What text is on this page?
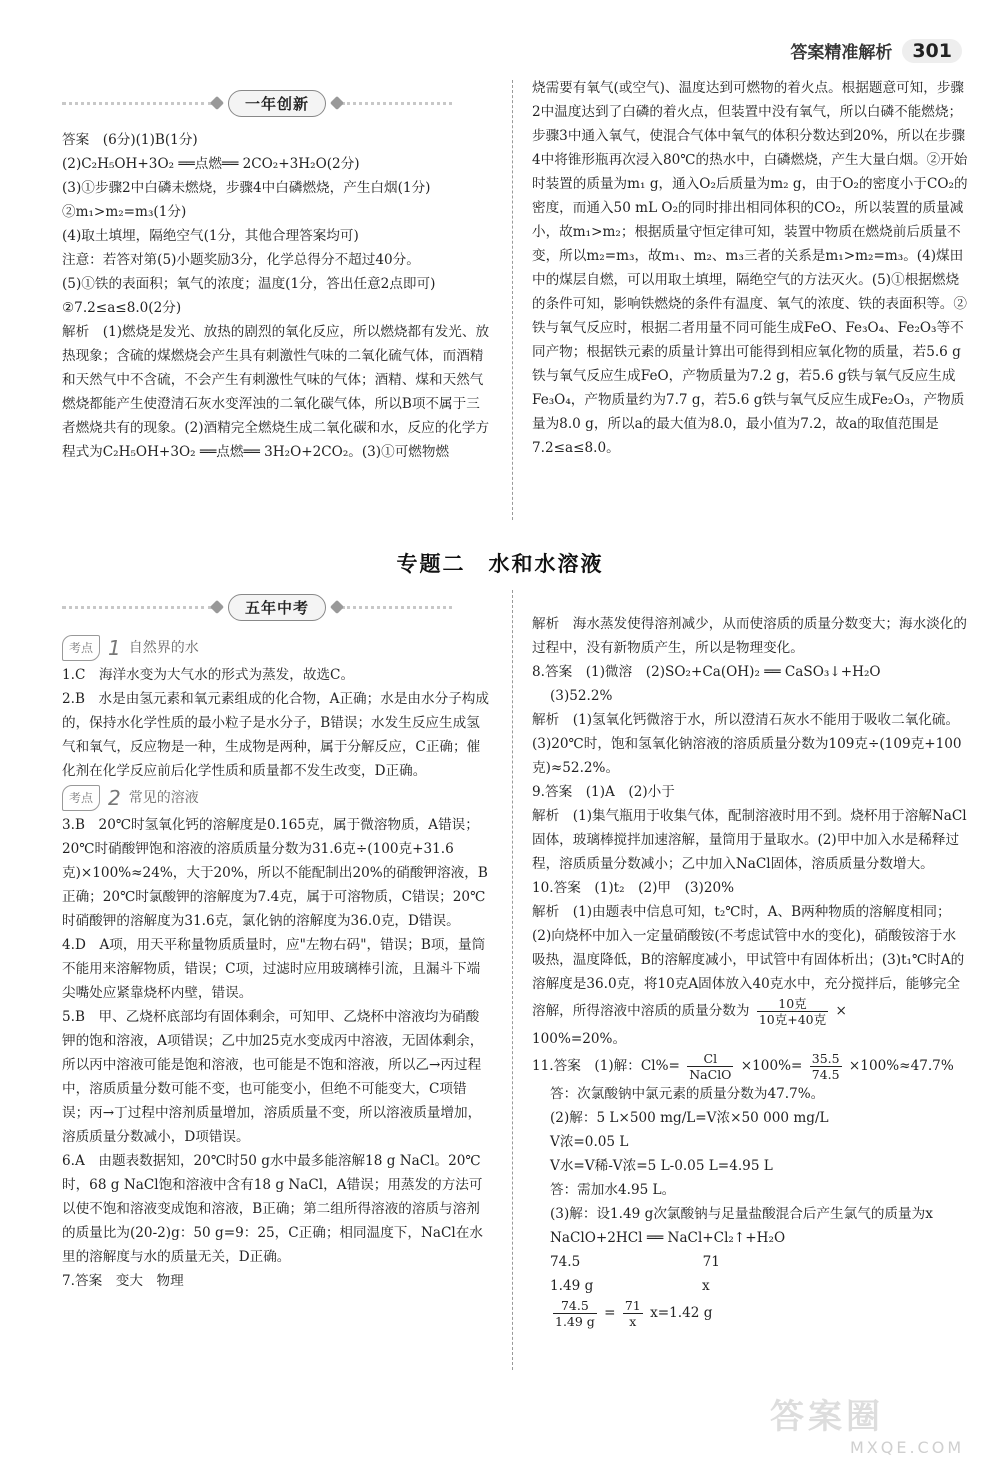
答案精准解析	301
一年创新

答案　(6分)(1)B(1分)

(2)C₂H₅OH+3O₂ ══点燃══ 2CO₂+3H₂O(2分)

(3)①步骤2中白磷未燃烧，步骤4中白磷燃烧，产生白烟(1分)　②m₁>m₂=m₃(1分)

(4)取土填埋，隔绝空气(1分，其他合理答案均可)

注意：若答对第(5)小题奖励3分，化学总得分不超过40分。

(5)①铁的表面积；氧气的浓度；温度(1分，答出任意2点即可)

②7.2≤a≤8.0(2分)

解析　(1)燃烧是发光、放热的剧烈的氧化反应，所以燃烧都有发光、放热现象；含硫的煤燃烧会产生具有刺激性气味的二氧化硫气体，而酒精和天然气中不含硫，不会产生有刺激性气味的气体；酒精、煤和天然气燃烧都能产生使澄清石灰水变浑浊的二氧化碳气体，所以B项不属于三者燃烧共有的现象。(2)酒精完全燃烧生成二氧化碳和水，反应的化学方程式为C₂H₅OH+3O₂ ══点燃══ 3H₂O+2CO₂。(3)①可燃物燃

烧需要有氧气(或空气)、温度达到可燃物的着火点。根据题意可知，步骤2中温度达到了白磷的着火点，但装置中没有氧气，所以白磷不能燃烧；步骤3中通入氧气，使混合气体中氧气的体积分数达到20%，所以在步骤4中将锥形瓶再次浸入80℃的热水中，白磷燃烧，产生大量白烟。②开始时装置的质量为m₁ g，通入O₂后质量为m₂ g，由于O₂的密度小于CO₂的密度，而通入50 mL O₂的同时排出相同体积的CO₂，所以装置的质量减小，故m₁>m₂；根据质量守恒定律可知，装置中物质在燃烧前后质量不变，所以m₂=m₃，故m₁、m₂、m₃三者的关系是m₁>m₂=m₃。(4)煤田中的煤层自燃，可以用取土填埋，隔绝空气的方法灭火。(5)①根据燃烧的条件可知，影响铁燃烧的条件有温度、氧气的浓度、铁的表面积等。②铁与氧气反应时，根据二者用量不同可能生成FeO、Fe₃O₄、Fe₂O₃等不同产物；根据铁元素的质量计算出可能得到相应氧化物的质量，若5.6 g铁与氧气反应生成FeO，产物质量为7.2 g，若5.6 g铁与氧气反应生成Fe₃O₄，产物质量约为7.7 g，若5.6 g铁与氧气反应生成Fe₂O₃，产物质量为8.0 g，所以a的最大值为8.0，最小值为7.2，故a的取值范围是7.2≤a≤8.0。

专题二　水和水溶液
五年中考
考点 1 自然界的水

1.C　海洋水变为大气水的形式为蒸发，故选C。

2.B　水是由氢元素和氧元素组成的化合物，A正确；水是由水分子构成的，保持水化学性质的最小粒子是水分子，B错误；水发生反应生成氢气和氧气，反应物是一种，生成物是两种，属于分解反应，C正确；催化剂在化学反应前后化学性质和质量都不发生改变，D正确。

考点 2 常见的溶液

3.B　20℃时氢氧化钙的溶解度是0.165克，属于微溶物质，A错误；20℃时硝酸钾饱和溶液的溶质质量分数为31.6克÷(100克+31.6克)×100%≈24%，大于20%，所以不能配制出20%的硝酸钾溶液，B正确；20℃时氯酸钾的溶解度为7.4克，属于可溶物质，C错误；20℃时硝酸钾的溶解度为31.6克，氯化钠的溶解度为36.0克，D错误。

4.D　A项，用天平称量物质质量时，应"左物右码"，错误；B项，量筒不能用来溶解物质，错误；C项，过滤时应用玻璃棒引流，且漏斗下端尖嘴处应紧靠烧杯内壁，错误。

5.B　甲、乙烧杯底部均有固体剩余，可知甲、乙烧杯中溶液均为硝酸钾的饱和溶液，A项错误；乙中加25克水变成丙中溶液，无固体剩余，所以丙中溶液可能是饱和溶液，也可能是不饱和溶液，所以乙→丙过程中，溶质质量分数可能不变，也可能变小，但绝不可能变大，C项错误；丙→丁过程中溶剂质量增加，溶质质量不变，所以溶液质量增加，溶质质量分数减小，D项错误。

6.A　由题表数据知，20℃时50 g水中最多能溶解18 g NaCl。20℃时，68 g NaCl饱和溶液中含有18 g NaCl，A错误；用蒸发的方法可以使不饱和溶液变成饱和溶液，B正确；第二组所得溶液的溶质与溶剂的质量比为(20-2)g：50 g=9：25，C正确；相同温度下，NaCl在水里的溶解度与水的质量无关，D正确。

7.答案　变大　物理

解析　海水蒸发使得溶剂减少，从而使溶质的质量分数变大；海水淡化的过程中，没有新物质产生，所以是物理变化。

8.答案　(1)微溶　(2)SO₂+Ca(OH)₂ ══ CaSO₃↓+H₂O

(3)52.2%

解析　(1)氢氧化钙微溶于水，所以澄清石灰水不能用于吸收二氧化硫。(3)20℃时，饱和氢氧化钠溶液的溶质质量分数为109克÷(109克+100克)≈52.2%。

9.答案　(1)A　(2)小于

解析　(1)集气瓶用于收集气体，配制溶液时用不到。烧杯用于溶解NaCl固体，玻璃棒搅拌加速溶解，量筒用于量取水。(2)甲中加入水是稀释过程，溶质质量分数减小；乙中加入NaCl固体，溶质质量分数增大。

10.答案　(1)t₂　(2)甲　(3)20%

解析　(1)由题表中信息可知，t₂℃时，A、B两种物质的溶解度相同；(2)向烧杯中加入一定量硝酸铵(不考虑试管中水的变化)，硝酸铵溶于水吸热，温度降低，B的溶解度减小，甲试管中有固体析出；(3)t₁℃时A的溶解度是36.0克，将10克A固体放入40克水中，充分搅拌后，能够完全溶解，所得溶液中溶质的质量分数为 $\frac{\text{10克}}{\text{10克+40克}}$ ×

100%=20%。

11.答案　(1)解：$Cl\%= \frac{Cl}{\text{NaClO}} \times 100\%= \frac{35.5}{74.5} \times 100\%\approx 47.7\%$

答：次氯酸钠中氯元素的质量分数为47.7%。

(2)解：5 L×500 mg/L=V浓×50 000 mg/L

V浓=0.05 L

V水=V稀-V浓=5 L-0.05 L=4.95 L

答：需加水4.95 L。

(3)解：设1.49 g次氯酸钠与足量盐酸混合后产生氯气的质量为x

NaClO+2HCl ══ NaCl+Cl₂↑+H₂O

74.5　　　　　　　　　71

1.49 g　　　　　　　　x

$\frac{74.5}{1.49 g} = \frac{71}{x} x=1.42$ g

答案圈
MXQE.COM
